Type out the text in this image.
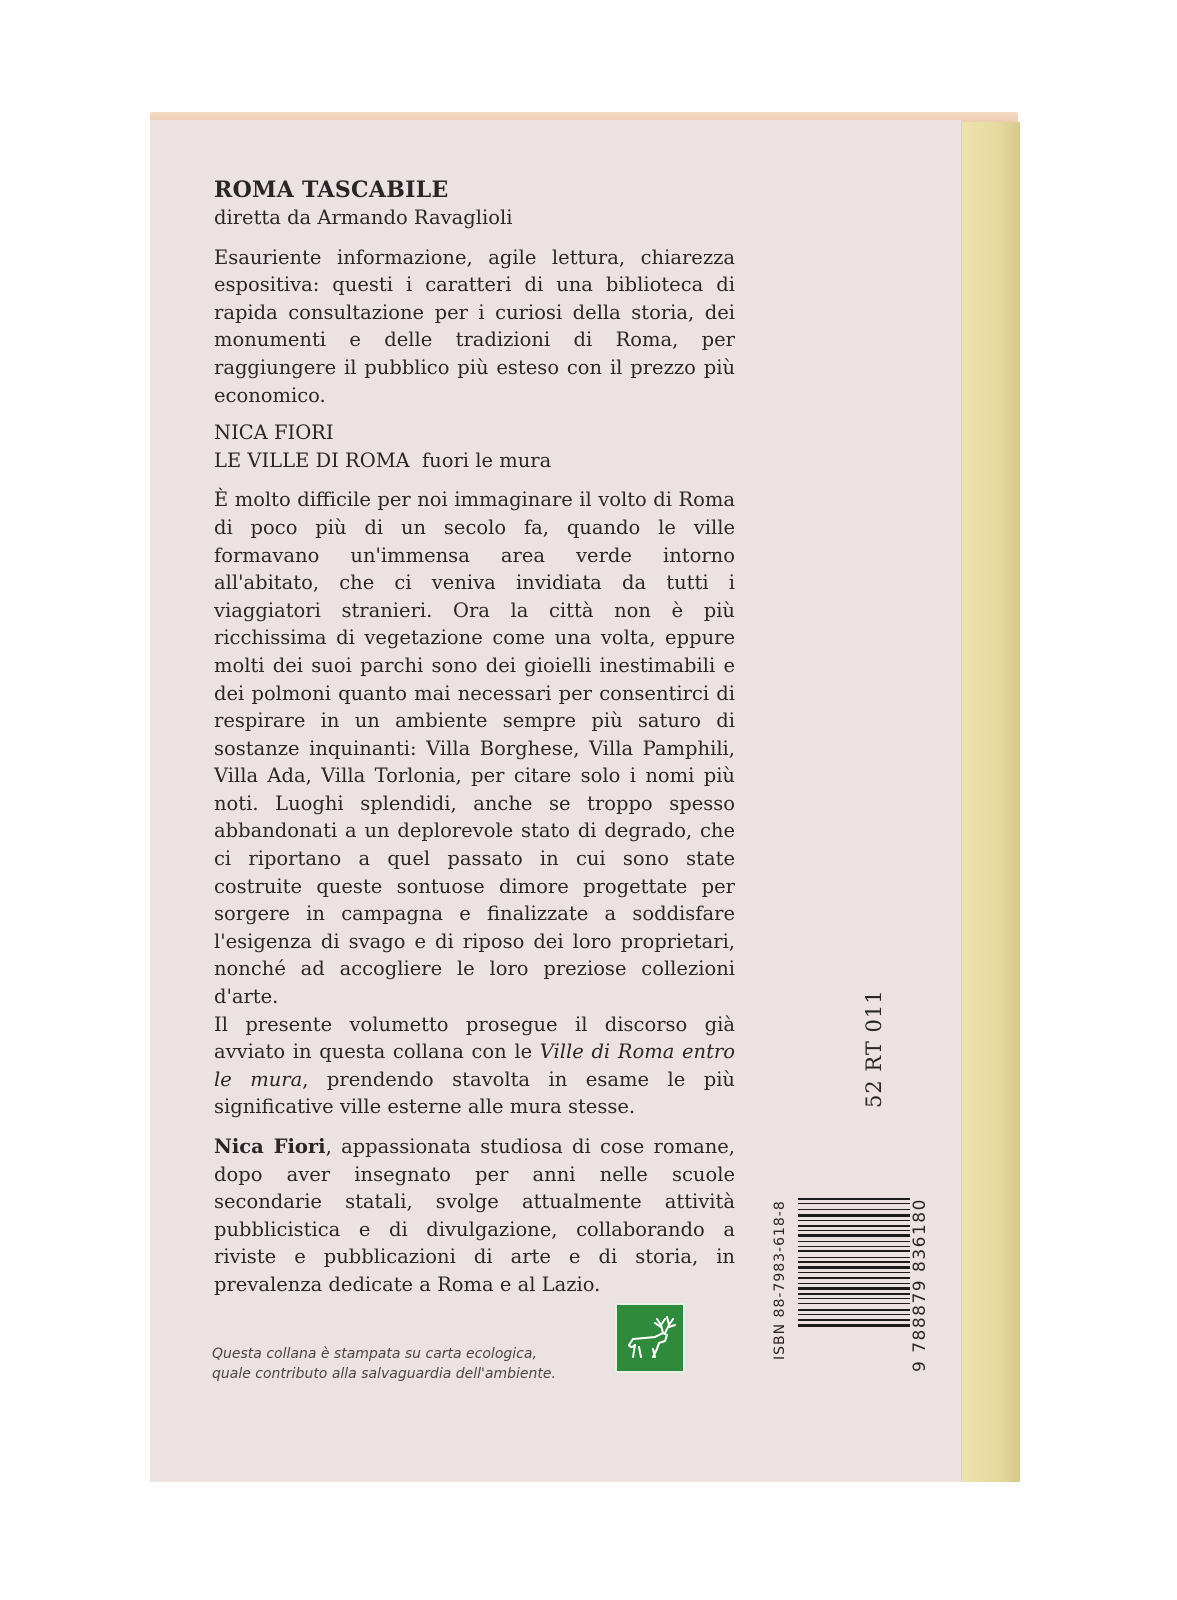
ROMA TASCABILE
diretta da Armando Ravaglioli

Esauriente informazione, agile lettura, chiarezza espositiva: questi i caratteri di una biblioteca di rapida consultazione per i curiosi della storia, dei monumenti e delle tradizioni di Roma, per raggiungere il pubblico più esteso con il prezzo più economico.

NICA FIORI
LE VILLE DI ROMA fuori le mura

È molto difficile per noi immaginare il volto di Roma di poco più di un secolo fa, quando le ville formavano un'immensa area verde intorno all'abitato, che ci veniva invidiata da tutti i viaggiatori stranieri. Ora la città non è più ricchissima di vegetazione come una volta, eppure molti dei suoi parchi sono dei gioielli inestimabili e dei polmoni quanto mai necessari per consentirci di respirare in un ambiente sempre più saturo di sostanze inquinanti: Villa Borghese, Villa Pamphili, Villa Ada, Villa Torlonia, per citare solo i nomi più noti. Luoghi splendidi, anche se troppo spesso abbandonati a un deplorevole stato di degrado, che ci riportano a quel passato in cui sono state costruite queste sontuose dimore progettate per sorgere in campagna e finalizzate a soddisfare l'esigenza di svago e di riposo dei loro proprietari, nonché ad accogliere le loro preziose collezioni d'arte.

Il presente volumetto prosegue il discorso già avviato in questa collana con le Ville di Roma entro le mura, prendendo stavolta in esame le più significative ville esterne alle mura stesse.

Nica Fiori, appassionata studiosa di cose romane, dopo aver insegnato per anni nelle scuole secondarie statali, svolge attualmente attività pubblicistica e di divulgazione, collaborando a riviste e pubblicazioni di arte e di storia, in prevalenza dedicate a Roma e al Lazio.

Questa collana è stampata su carta ecologica,
quale contributo alla salvaguardia dell'ambiente.
52 RT 011
ISBN 88-7983-618-8	9 788879 836180
